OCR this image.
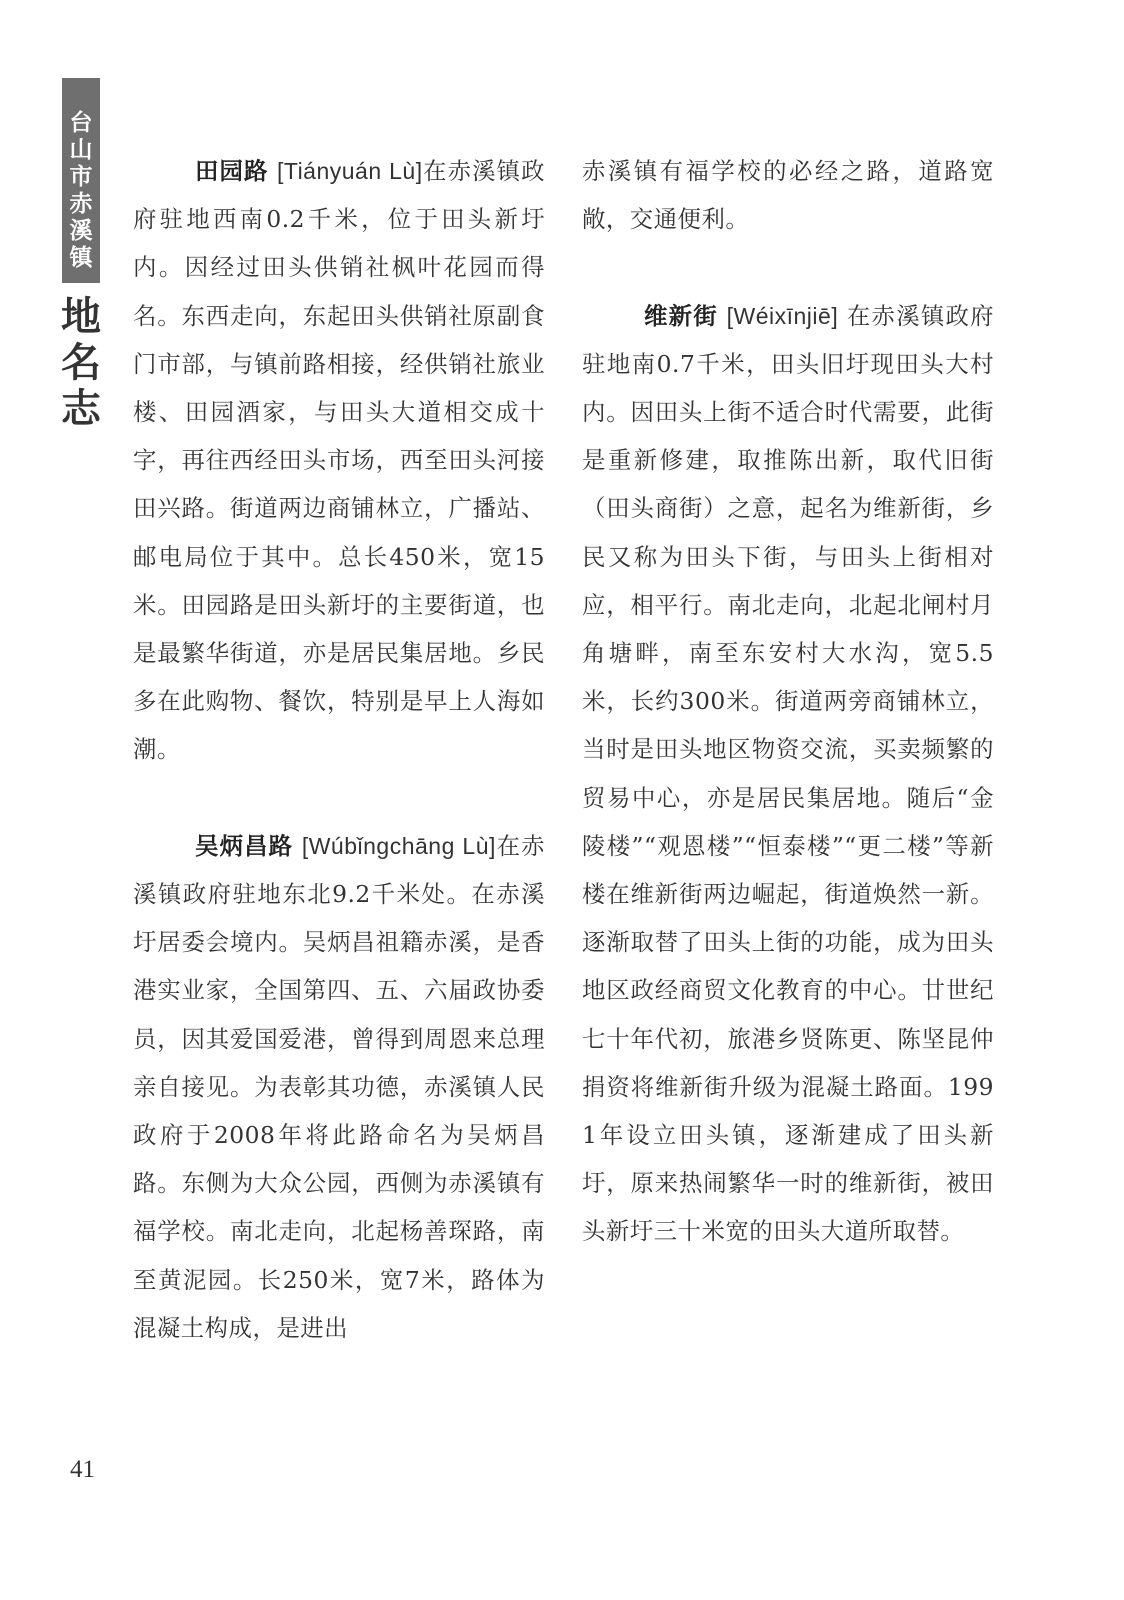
台
山
市
赤
溪
镇
地
名
志

田园路 [Tiányuán Lù]在赤溪镇政府驻地西南0.2千米，位于田头新圩内。因经过田头供销社枫叶花园而得名。东西走向，东起田头供销社原副食门市部，与镇前路相接，经供销社旅业楼、田园酒家，与田头大道相交成十字，再往西经田头市场，西至田头河接田兴路。街道两边商铺林立，广播站、邮电局位于其中。总长450米，宽15米。田园路是田头新圩的主要街道，也是最繁华街道，亦是居民集居地。乡民多在此购物、餐饮，特别是早上人海如潮。

吴炳昌路 [Wúbǐngchāng Lù]在赤溪镇政府驻地东北9.2千米处。在赤溪圩居委会境内。吴炳昌祖籍赤溪，是香港实业家，全国第四、五、六届政协委员，因其爱国爱港，曾得到周恩来总理亲自接见。为表彰其功德，赤溪镇人民政府于2008年将此路命名为吴炳昌路。东侧为大众公园，西侧为赤溪镇有福学校。南北走向，北起杨善琛路，南至黄泥园。长250米，宽7米，路体为混凝土构成，是进出

赤溪镇有福学校的必经之路，道路宽敞，交通便利。

维新街 [Wéixīnjiē] 在赤溪镇政府驻地南0.7千米，田头旧圩现田头大村内。因田头上街不适合时代需要，此街是重新修建，取推陈出新，取代旧街（田头商街）之意，起名为维新街，乡民又称为田头下街，与田头上街相对应，相平行。南北走向，北起北闸村月角塘畔，南至东安村大水沟，宽5.5米，长约300米。街道两旁商铺林立，当时是田头地区物资交流，买卖频繁的贸易中心，亦是居民集居地。随后“金陵楼”“观恩楼”“恒泰楼”“更二楼”等新楼在维新街两边崛起，街道焕然一新。逐渐取替了田头上街的功能，成为田头地区政经商贸文化教育的中心。廿世纪七十年代初，旅港乡贤陈更、陈坚昆仲捐资将维新街升级为混凝土路面。1991年设立田头镇，逐渐建成了田头新圩，原来热闹繁华一时的维新街，被田头新圩三十米宽的田头大道所取替。

41
